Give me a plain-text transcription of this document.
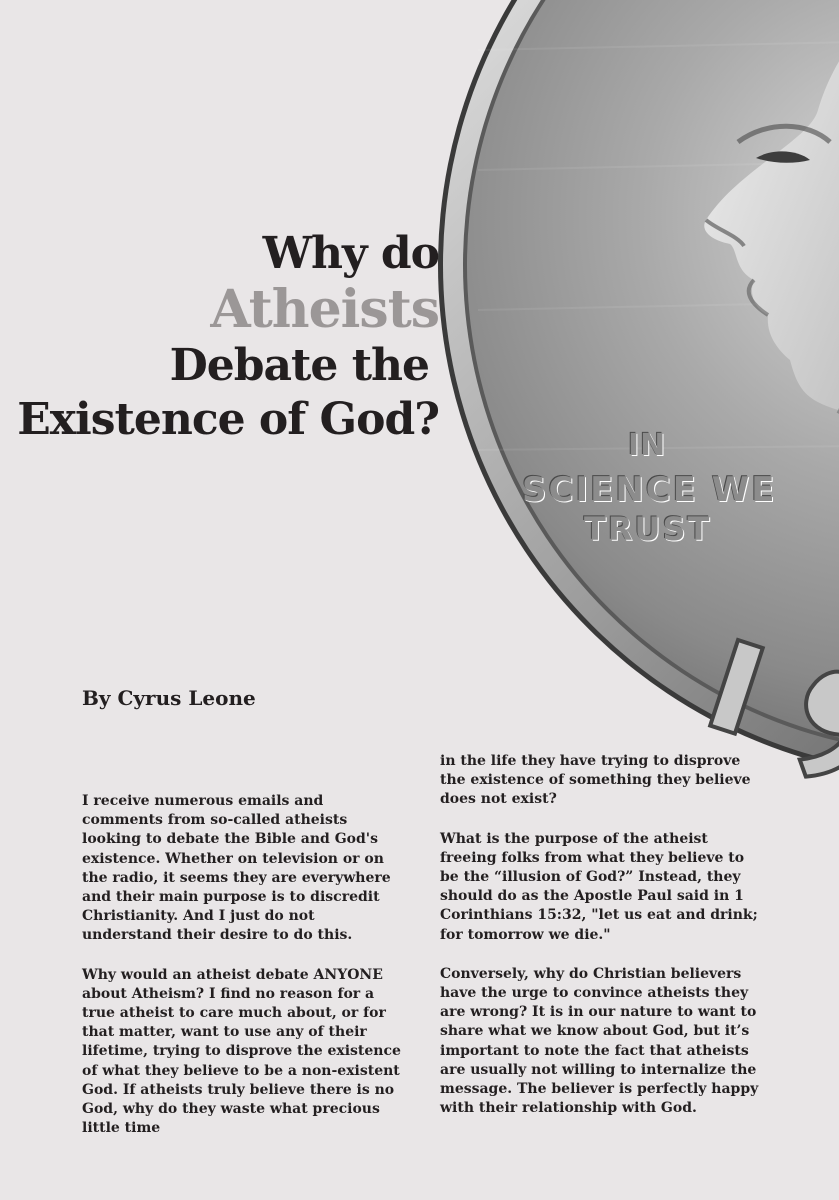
IN
SCIENCE WE
TRUST
Why do
Atheists
Debate the
Existence of God?
By Cyrus Leone

I receive numerous emails and comments from so-called atheists looking to debate the Bible and God's existence. Whether on television or on the radio, it seems they are everywhere and their main purpose is to discredit Christianity. And I just do not understand their desire to do this.

Why would an atheist debate ANYONE about Atheism? I find no reason for a true atheist to care much about, or for that matter, want to use any of their lifetime, trying to disprove the existence of what they believe to be a non-existent God. If atheists truly believe there is no God, why do they waste what precious little time

in the life they have trying to disprove the existence of something they believe does not exist?

What is the purpose of the atheist freeing folks from what they believe to be the “illusion of God?” Instead, they should do as the Apostle Paul said in 1 Corinthians 15:32, "let us eat and drink; for tomorrow we die."

Conversely, why do Christian believers have the urge to convince atheists they are wrong? It is in our nature to want to share what we know about God, but it’s important to note the fact that atheists are usually not willing to internalize the message. The believer is perfectly happy with their relationship with God.
